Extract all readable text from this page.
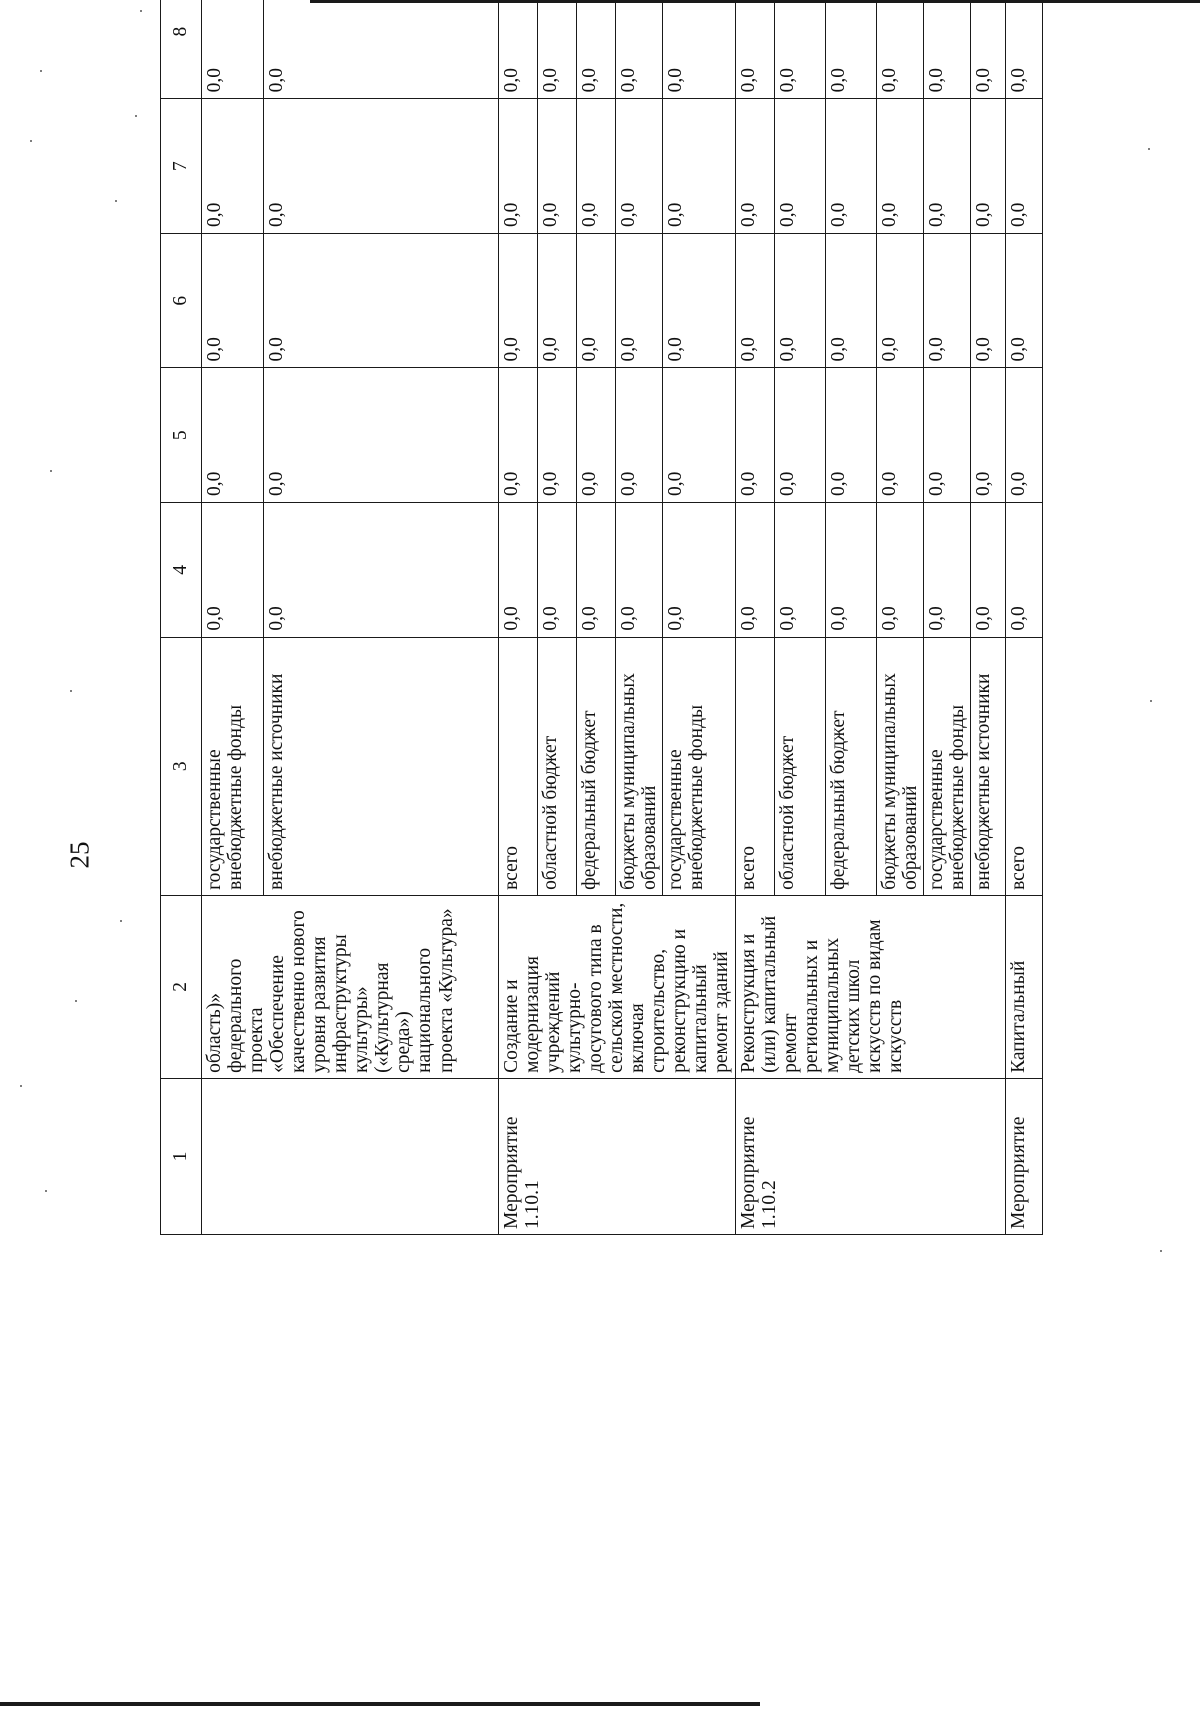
25
1	2	3	4	5	6	7	8		
	область)» федерального проекта «Обеспечение качественно нового уровня развития инфраструктуры культуры» («Культурная среда») национального проекта «Культура»	государственные внебюджетные фонды	0,0	0,0	0,0	0,0	0,0		
		внебюджетные источники	0,0	0,0	0,0	0,0	0,0		
Мероприятие 1.10.1	Создание и модернизация учреждений культурно-досугового типа в сельской местности, включая строительство, реконструкцию и капитальный ремонт зданий	всего	0,0	0,0	0,0	0,0	0,0		
		областной бюджет	0,0	0,0	0,0	0,0	0,0		
		федеральный бюджет	0,0	0,0	0,0	0,0	0,0		
		бюджеты муниципальных образований	0,0	0,0	0,0	0,0	0,0		
		государственные внебюджетные фонды	0,0	0,0	0,0	0,0	0,0		
Мероприятие 1.10.2	Реконструкция и (или) капитальный ремонт региональных и муниципальных детских школ искусств по видам искусств	всего	0,0	0,0	0,0	0,0	0,0		
		областной бюджет	0,0	0,0	0,0	0,0	0,0		
		федеральный бюджет	0,0	0,0	0,0	0,0	0,0		
		бюджеты муниципальных образований	0,0	0,0	0,0	0,0	0,0		
		государственные внебюджетные фонды	0,0	0,0	0,0	0,0	0,0		
		внебюджетные источники	0,0	0,0	0,0	0,0	0,0		
Мероприятие	Капитальный	всего	0,0	0,0	0,0	0,0	0,0		
